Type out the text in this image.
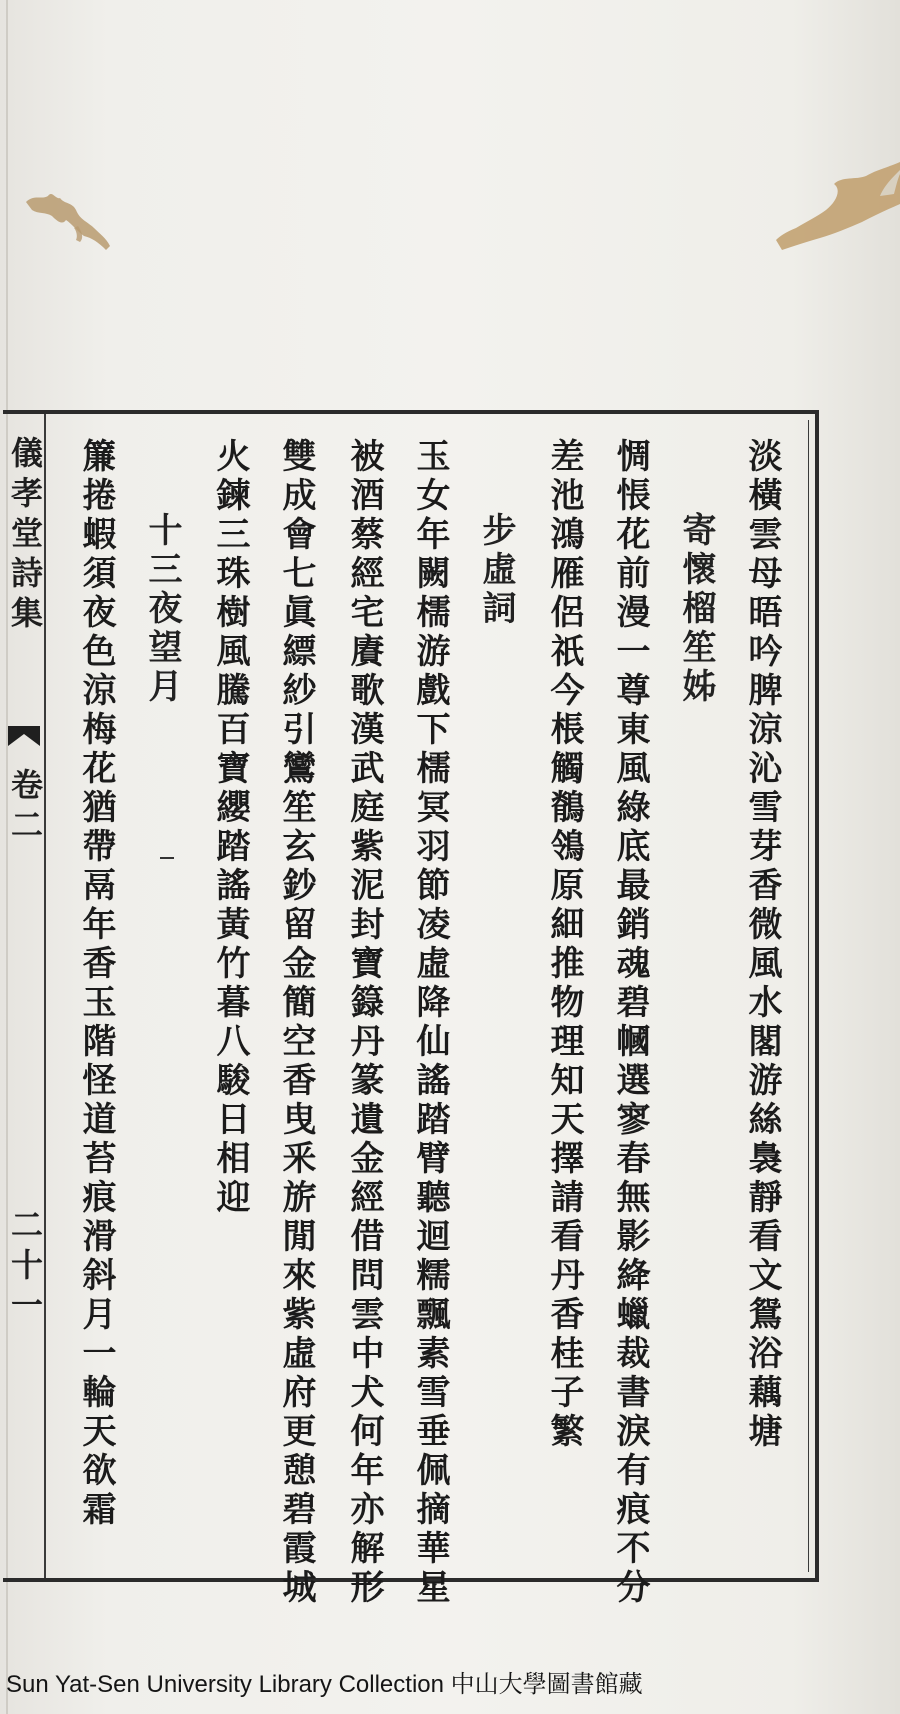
儀孝堂詩集
卷二
二十一	淡橫雲母晤吟脾涼沁雪芽香微風水閣游絲裊靜看文鴛浴藕塘
寄懷榴笙姊
惆悵花前漫一尊東風綠底最銷魂碧幗選寥春無影絳蠟裁書淚有痕不分
差池鴻雁侶祇今棖觸鶺鴒原細推物理知天擇請看丹香桂子繁
步虛詞
玉女年闕檽游戲下檽冥羽節凌虛降仙謠踏臂聽迴糯飄素雪垂佩摘華星
被酒蔡經宅賡歌漢武庭紫泥封寶籙丹篆遺金經借問雲中犬何年亦解形
雙成會七眞縹紗引鸞笙玄鈔留金簡空香曳釆旂閒來紫虛府更憩碧霞城
火鍊三珠樹風騰百寶纓踏謠黃竹暮八駿日相迎
十三夜望月
簾捲蝦須夜色涼梅花猶帶鬲年香玉階怪道苔痕滑斜月一輪天欲霜
Sun Yat-Sen University Library Collection 中山大學圖書館藏
